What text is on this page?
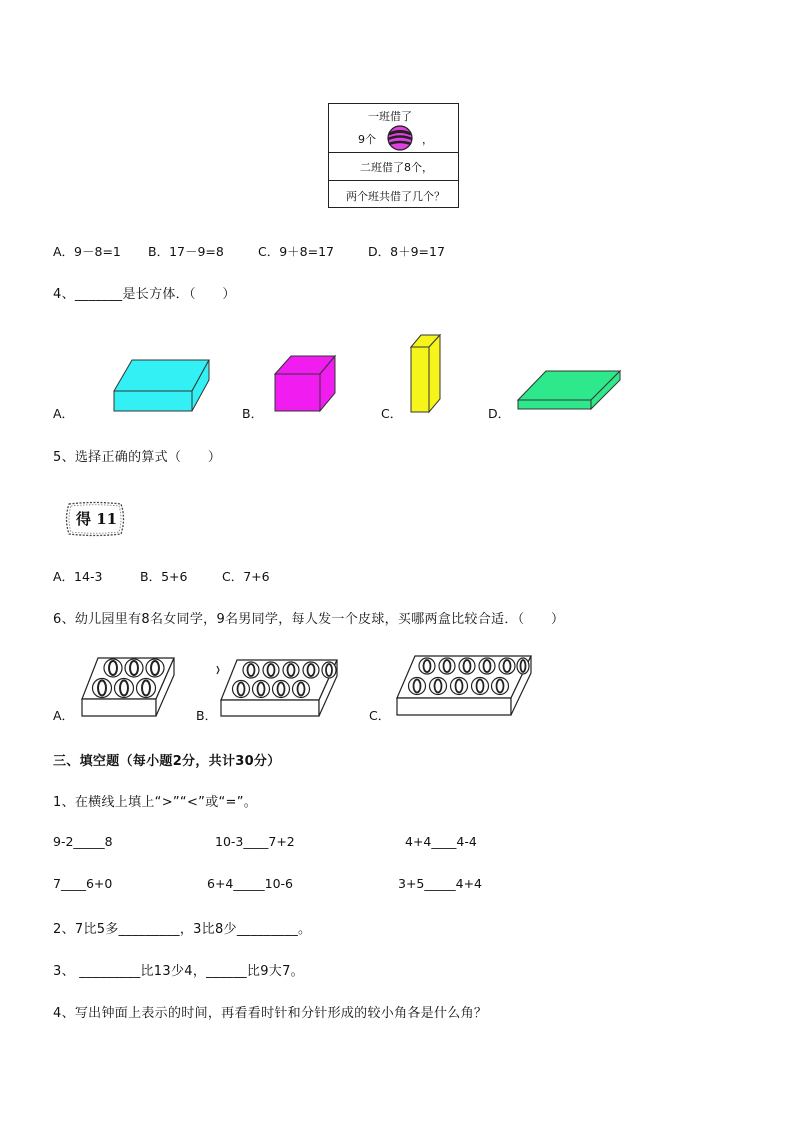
一班借了
9个	，
二班借了8个，
两个班共借了几个？
A．9－8=1 B．17－9=8	C．9＋8=17	D．8＋9=17
4、_______是长方体．（　　）
A．	B．	C．	D．
5、选择正确的算式（　　）
得 11
A．14-3	B．5+6	C．7+6
6、幼儿园里有8名女同学，9名男同学，每人发一个皮球，买哪两盒比较合适．（　　）
A．	B．	C．
三、填空题（每小题2分，共计30分）
1、在横线上填上“>”“<”或“=”。
9-2_____8	10-3____7+2	4+4____4-4
7____6+0	6+4_____10-6	3+5_____4+4
2、7比5多_________，3比8少_________。
3、 _________比13少4，______比9大7。
4、写出钟面上表示的时间，再看看时针和分针形成的较小角各是什么角？
